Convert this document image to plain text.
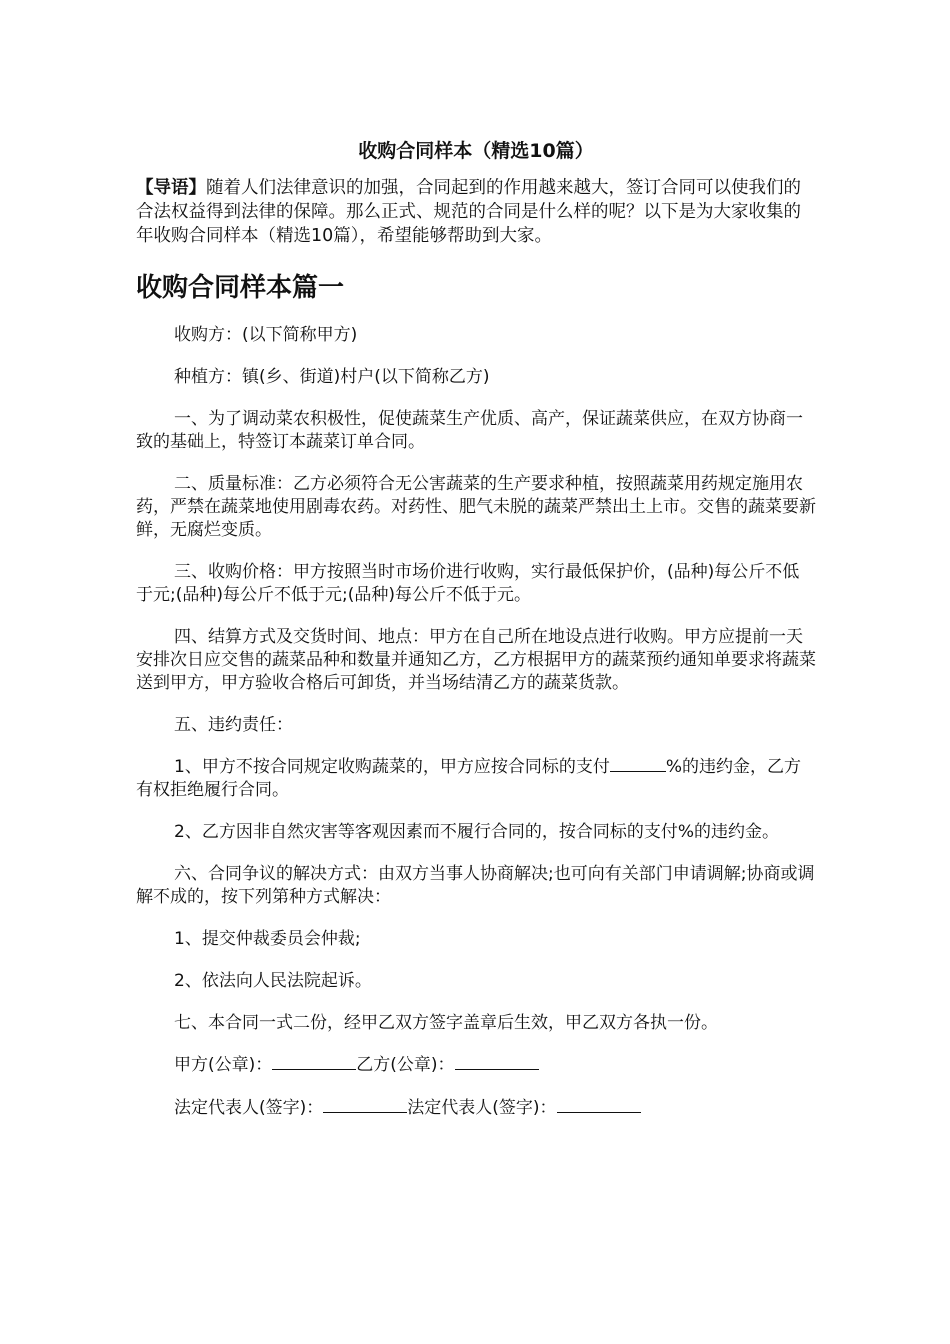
收购合同样本（精选10篇）

【导语】随着人们法律意识的加强，合同起到的作用越来越大，签订合同可以使我们的合法权益得到法律的保障。那么正式、规范的合同是什么样的呢？以下是为大家收集的年收购合同样本（精选10篇），希望能够帮助到大家。

收购合同样本篇一

收购方：(以下简称甲方)

种植方：镇(乡、街道)村户(以下简称乙方)

一、为了调动菜农积极性，促使蔬菜生产优质、高产，保证蔬菜供应，在双方协商一致的基础上，特签订本蔬菜订单合同。

二、质量标准：乙方必须符合无公害蔬菜的生产要求种植，按照蔬菜用药规定施用农药，严禁在蔬菜地使用剧毒农药。对药性、肥气未脱的蔬菜严禁出土上市。交售的蔬菜要新鲜，无腐烂变质。

三、收购价格：甲方按照当时市场价进行收购，实行最低保护价，(品种)每公斤不低于元;(品种)每公斤不低于元;(品种)每公斤不低于元。

四、结算方式及交货时间、地点：甲方在自己所在地设点进行收购。甲方应提前一天安排次日应交售的蔬菜品种和数量并通知乙方，乙方根据甲方的蔬菜预约通知单要求将蔬菜送到甲方，甲方验收合格后可卸货，并当场结清乙方的蔬菜货款。

五、违约责任：

1、甲方不按合同规定收购蔬菜的，甲方应按合同标的支付	%的违约金，乙方有权拒绝履行合同。

2、乙方因非自然灾害等客观因素而不履行合同的，按合同标的支付%的违约金。

六、合同争议的解决方式：由双方当事人协商解决;也可向有关部门申请调解;协商或调解不成的，按下列第种方式解决：

1、提交仲裁委员会仲裁;

2、依法向人民法院起诉。

七、本合同一式二份，经甲乙双方签字盖章后生效，甲乙双方各执一份。

甲方(公章)：	乙方(公章)：

法定代表人(签字)：	法定代表人(签字)：
